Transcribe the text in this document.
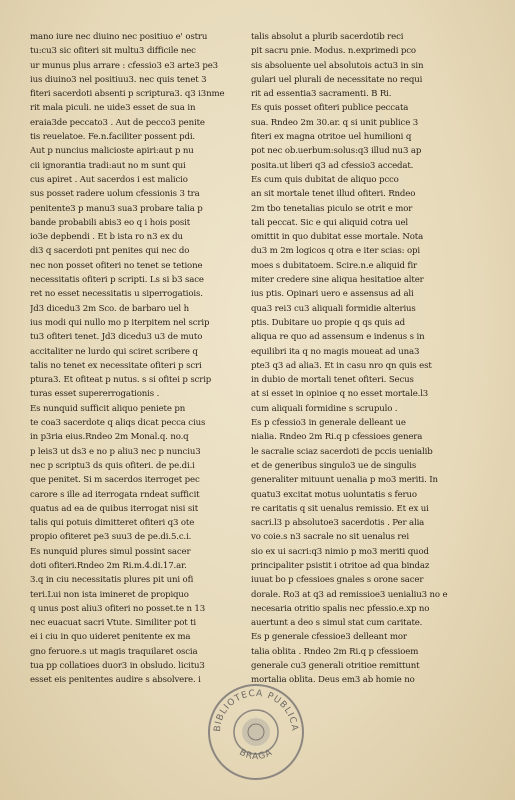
mano iure nec diuino nec positiuo e' ostru
tu:cu3 sic ofiteri sit multu3 difficile nec
ur munus plus arrare : cfessio3 e3 arte3 pe3
ius diuino3 nel positiuu3. nec quis tenet 3
fiteri sacerdoti absenti p scriptura3. q3 i3nme
rit mala piculi. ne uide3 esset de sua in
eraia3de peccato3 . Aut de pecco3 penite
tis reuelatoe. Fe.n.faciliter possent pdi.
Aut p nuncius malicioste apiri:aut p nu
cii ignorantia tradi:aut no m sunt qui
cus apiret . Aut sacerdos i est malicio
sus posset radere uolum cfessionis 3 tra
penitente3 p manu3 sua3 probare talia p
bande probabili abis3 eo q i hois posit
io3e depbendi . Et b ista ro n3 ex du
di3 q sacerdoti pnt penites qui nec do
nec non posset ofiteri no tenet se tetione
necessitatis ofiteri p scripti. Ls si b3 sace
ret no esset necessitatis u siperrogatiois.
Jd3 dicedu3 2m Sco. de barbaro uel h
ius modi qui nullo mo p iterpitem nel scrip
tu3 ofiteri tenet. Jd3 dicedu3 u3 de muto
accitaliter ne lurdo qui sciret scribere q
talis no tenet ex necessitate ofiteri p scri
ptura3. Et ofiteat p nutus. s si ofitei p scrip
turas esset supererrogationis .
Es nunquid sufficit aliquo peniete pn
te coa3 sacerdote q aliqs dicat pecca cius
in p3ria eius.Rndeo 2m Monal.q. no.q
p leis3 ut ds3 e no p aliu3 nec p nunciu3
nec p scriptu3 ds quis ofiteri. de pe.di.i
que penitet. Si m sacerdos iterroget pec
carore s ille ad iterrogata rndeat sufficit
quatus ad ea de quibus iterrogat nisi sit
talis qui potuis dimitteret ofiteri q3 ote
propio ofiteret pe3 suu3 de pe.di.5.c.i.
Es nunquid plures simul possint sacer
doti ofiteri.Rndeo 2m Ri.m.4.di.17.ar.
3.q in ciu necessitatis plures pit uni ofi
teri.Lui non ista imineret de propiquo
q unus post aliu3 ofiteri no posset.te n 13
nec euacuat sacri Vtute. Similiter pot ti
ei i ciu in quo uideret penitente ex ma
gno feruore.s ut magis traquilaret oscia
tua pp collatioes duor3 in obsludo. licitu3
esset eis penitentes audire s absolvere. i
talis absolut a plurib sacerdotib reci
pit sacru pnie. Modus. n.exprimedi pco
sis absoluente uel absolutois actu3 in sin
gulari uel plurali de necessitate no requi
rit ad essentia3 sacramenti. B Ri.
Es quis posset ofiteri publice peccata
sua. Rndeo 2m 30.ar. q si unit publice 3
fiteri ex magna otritoe uel humilioni q
pot nec ob.uerbum:solus:q3 illud nu3 ap
posita.ut liberi q3 ad cfessio3 accedat.
Es cum quis dubitat de aliquo pcco
an sit mortale tenet illud ofiteri. Rndeo
2m tbo tenetalias piculo se otrit e mor
tali peccat. Sic e qui aliquid cotra uel
omittit in quo dubitat esse mortale. Nota
du3 m 2m logicos q otra e iter scias: opi
moes s dubitatoem. Scire.n.e aliquid fir
miter credere sine aliqua hesitatioe alter
ius ptis. Opinari uero e assensus ad ali
qua3 rei3 cu3 aliquali formidie alterius
ptis. Dubitare uo propie q qs quis ad
aliqua re quo ad assensum e indenus s in
equilibri ita q no magis moueat ad una3
pte3 q3 ad alia3. Et in casu nro qn quis est
in dubio de mortali tenet ofiteri. Secus
at si esset in opinioe q no esset mortale.l3
cum aliquali formidine s scrupulo .
Es p cfessio3 in generale delleant ue
nialia. Rndeo 2m Ri.q p cfessioes genera
le sacralie sciaz sacerdoti de pccis uenialib
et de generibus singulo3 ue de singulis
generaliter mituunt uenalia p mo3 meriti. In
quatu3 excitat motus uoluntatis s feruo
re caritatis q sit uenalus remissio. Et ex ui
sacri.l3 p absolutoe3 sacerdotis . Per alia
vo coie.s n3 sacrale no sit uenalus rei
sio ex ui sacri:q3 nimio p mo3 meriti quod
principaliter psistit i otritoe ad qua bindaz
iuuat bo p cfessioes gnales s orone sacer
dorale. Ro3 at q3 ad remissioe3 uenialiu3 no e
necesaria otritio spalis nec pfessio.e.xp no
auertunt a deo s simul stat cum caritate.
Es p generale cfessioe3 delleant mor
talia oblita . Rndeo 2m Ri.q p cfessioem
generale cu3 generali otritioe remittunt
mortalia oblita. Deus em3 ab homie no
BIBLIOTECA PUBLICA
BRAGA
